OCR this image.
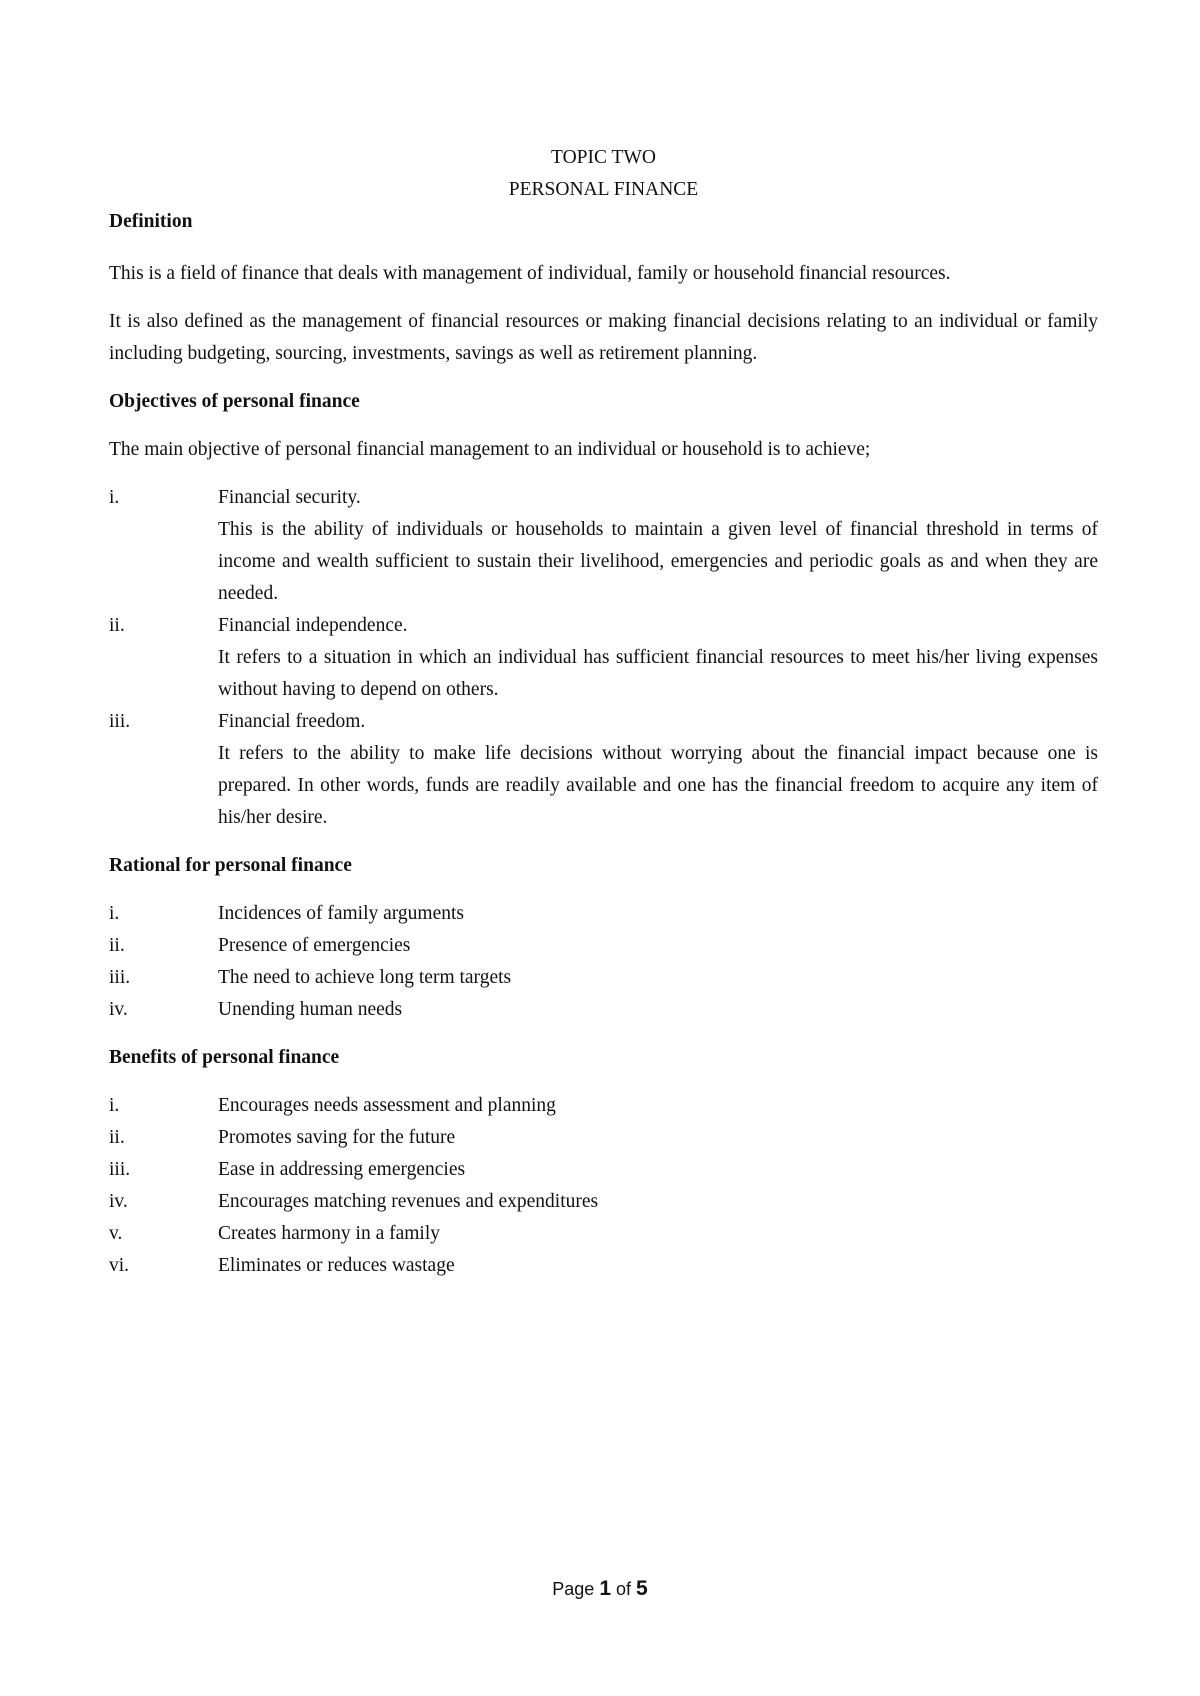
TOPIC TWO
PERSONAL FINANCE
Definition

This is a field of finance that deals with management of individual, family or household financial resources.

It is also defined as the management of financial resources or making financial decisions relating to an individual or family including budgeting, sourcing, investments, savings as well as retirement planning.

Objectives of personal finance

The main objective of personal financial management to an individual or household is to achieve;

i.	Financial security.
This is the ability of individuals or households to maintain a given level of financial threshold in terms of income and wealth sufficient to sustain their livelihood, emergencies and periodic goals as and when they are needed.
ii.	Financial independence.
It refers to a situation in which an individual has sufficient financial resources to meet his/her living expenses without having to depend on others.
iii.	Financial freedom.
It refers to the ability to make life decisions without worrying about the financial impact because one is prepared. In other words, funds are readily available and one has the financial freedom to acquire any item of his/her desire.
Rational for personal finance
i.	Incidences of family arguments
ii.	Presence of emergencies
iii.	The need to achieve long term targets
iv.	Unending human needs
Benefits of personal finance
i.	Encourages needs assessment and planning
ii.	Promotes saving for the future
iii.	Ease in addressing emergencies
iv.	Encourages matching revenues and expenditures
v.	Creates harmony in a family
vi.	Eliminates or reduces wastage
Page 1 of 5
